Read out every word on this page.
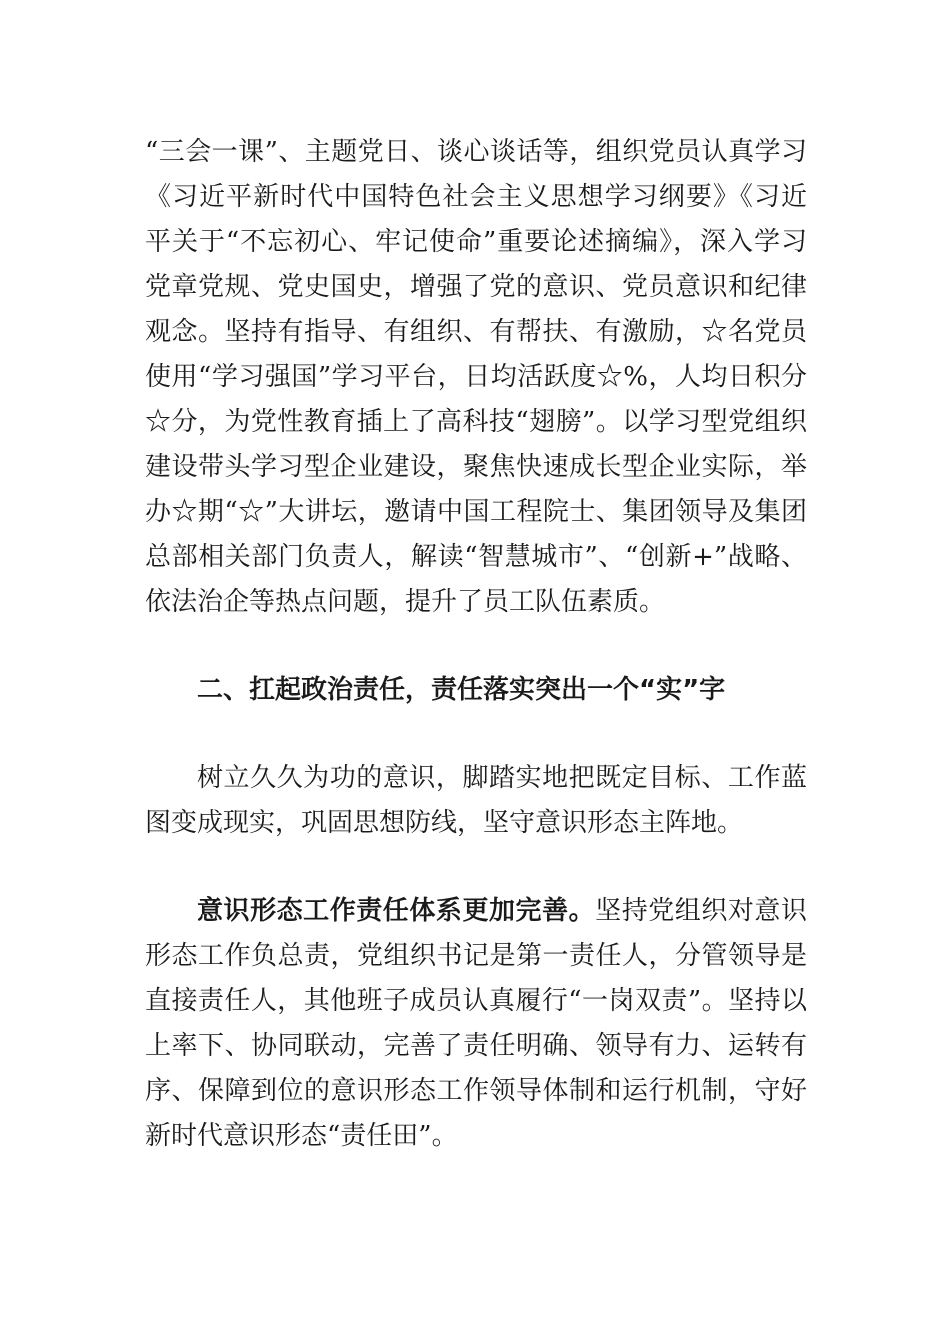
“三会一课”、主题党日、谈心谈话等，组织党员认真学习《习近平新时代中国特色社会主义思想学习纲要》《习近平关于“不忘初心、牢记使命”重要论述摘编》，深入学习党章党规、党史国史，增强了党的意识、党员意识和纪律观念。坚持有指导、有组织、有帮扶、有激励，☆名党员使用“学习强国”学习平台，日均活跃度☆%，人均日积分☆分，为党性教育插上了高科技“翅膀”。以学习型党组织建设带头学习型企业建设，聚焦快速成长型企业实际，举办☆期“☆”大讲坛，邀请中国工程院士、集团领导及集团总部相关部门负责人，解读“智慧城市”、“创新+”战略、依法治企等热点问题，提升了员工队伍素质。

二、扛起政治责任，责任落实突出一个“实”字

树立久久为功的意识，脚踏实地把既定目标、工作蓝图变成现实，巩固思想防线，坚守意识形态主阵地。

意识形态工作责任体系更加完善。坚持党组织对意识形态工作负总责，党组织书记是第一责任人，分管领导是直接责任人，其他班子成员认真履行“一岗双责”。坚持以上率下、协同联动，完善了责任明确、领导有力、运转有序、保障到位的意识形态工作领导体制和运行机制，守好新时代意识形态“责任田”。
